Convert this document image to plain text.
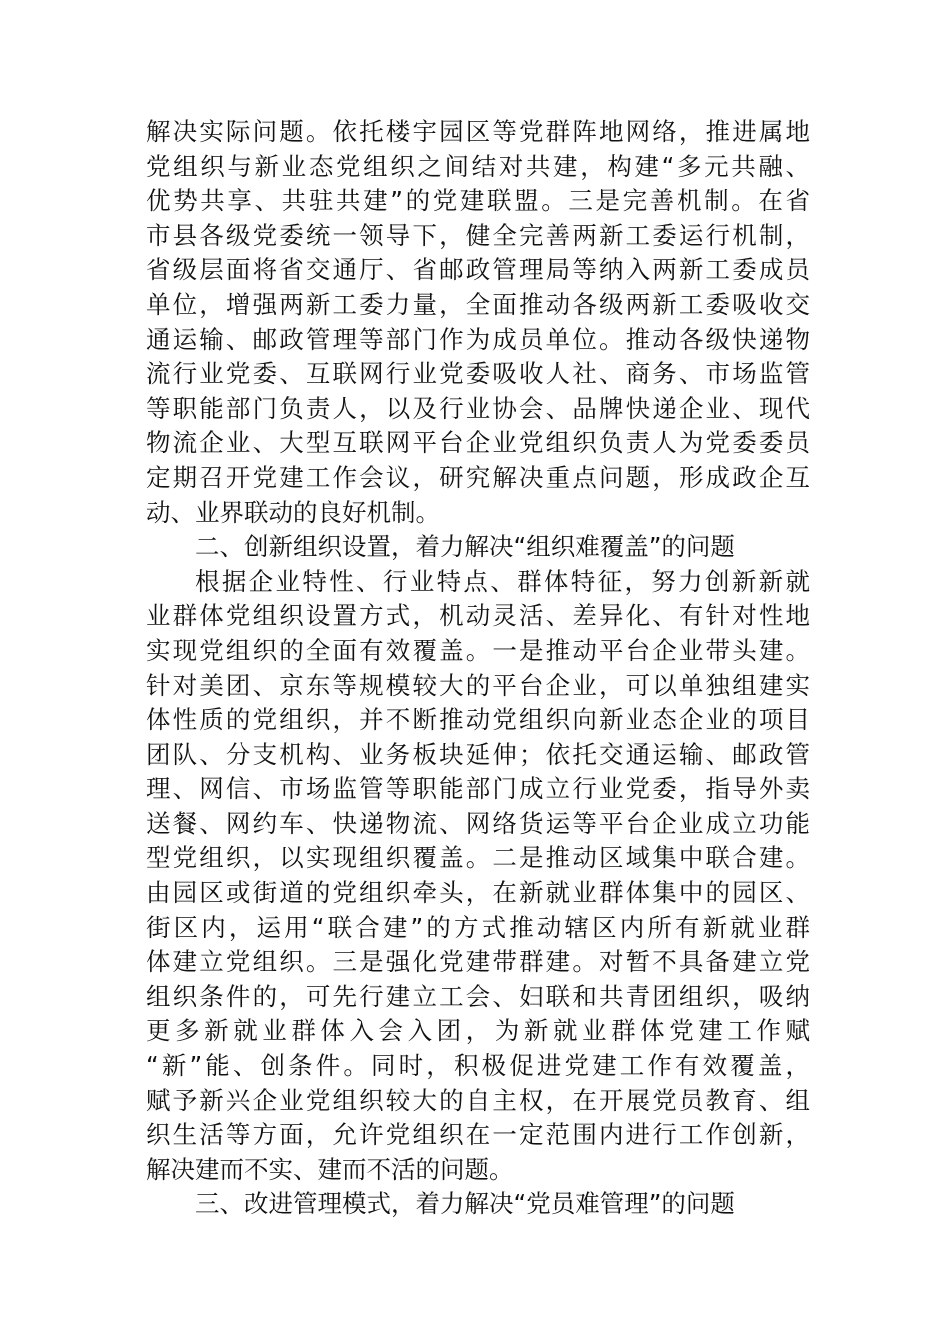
解决实际问题。依托楼宇园区等党群阵地网络，推进属地
党组织与新业态党组织之间结对共建，构建“多元共融、
优势共享、共驻共建”的党建联盟。三是完善机制。在省
市县各级党委统一领导下，健全完善两新工委运行机制，
省级层面将省交通厅、省邮政管理局等纳入两新工委成员
单位，增强两新工委力量，全面推动各级两新工委吸收交
通运输、邮政管理等部门作为成员单位。推动各级快递物
流行业党委、互联网行业党委吸收人社、商务、市场监管
等职能部门负责人，以及行业协会、品牌快递企业、现代
物流企业、大型互联网平台企业党组织负责人为党委委员
定期召开党建工作会议，研究解决重点问题，形成政企互
动、业界联动的良好机制。
二、创新组织设置，着力解决“组织难覆盖”的问题
根据企业特性、行业特点、群体特征，努力创新新就
业群体党组织设置方式，机动灵活、差异化、有针对性地
实现党组织的全面有效覆盖。一是推动平台企业带头建。
针对美团、京东等规模较大的平台企业，可以单独组建实
体性质的党组织，并不断推动党组织向新业态企业的项目
团队、分支机构、业务板块延伸；依托交通运输、邮政管
理、网信、市场监管等职能部门成立行业党委，指导外卖
送餐、网约车、快递物流、网络货运等平台企业成立功能
型党组织，以实现组织覆盖。二是推动区域集中联合建。
由园区或街道的党组织牵头，在新就业群体集中的园区、
街区内，运用“联合建”的方式推动辖区内所有新就业群
体建立党组织。三是强化党建带群建。对暂不具备建立党
组织条件的，可先行建立工会、妇联和共青团组织，吸纳
更多新就业群体入会入团，为新就业群体党建工作赋
“新”能、创条件。同时，积极促进党建工作有效覆盖，
赋予新兴企业党组织较大的自主权，在开展党员教育、组
织生活等方面，允许党组织在一定范围内进行工作创新，
解决建而不实、建而不活的问题。
三、改进管理模式，着力解决“党员难管理”的问题
